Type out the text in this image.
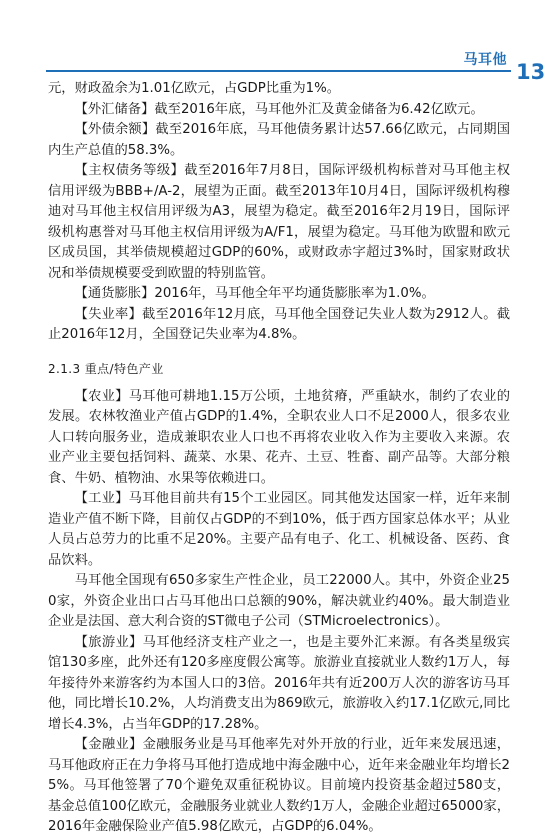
马耳他 13

元，财政盈余为1.01亿欧元，占GDP比重为1%。

【外汇储备】截至2016年底，马耳他外汇及黄金储备为6.42亿欧元。

【外债余额】截至2016年底，马耳他债务累计达57.66亿欧元，占同期国内生产总值的58.3%。

【主权债务等级】截至2016年7月8日，国际评级机构标普对马耳他主权信用评级为BBB+/A-2，展望为正面。截至2013年10月4日，国际评级机构穆迪对马耳他主权信用评级为A3，展望为稳定。截至2016年2月19日，国际评级机构惠誉对马耳他主权信用评级为A/F1，展望为稳定。马耳他为欧盟和欧元区成员国，其举债规模超过GDP的60%，或财政赤字超过3%时，国家财政状况和举债规模要受到欧盟的特别监管。

【通货膨胀】2016年，马耳他全年平均通货膨胀率为1.0%。

【失业率】截至2016年12月底，马耳他全国登记失业人数为2912人。截止2016年12月，全国登记失业率为4.8%。

2.1.3 重点/特色产业

【农业】马耳他可耕地1.15万公顷，土地贫瘠，严重缺水，制约了农业的发展。农林牧渔业产值占GDP的1.4%，全职农业人口不足2000人，很多农业人口转向服务业，造成兼职农业人口也不再将农业收入作为主要收入来源。农业产业主要包括饲料、蔬菜、水果、花卉、土豆、牲畜、副产品等。大部分粮食、牛奶、植物油、水果等依赖进口。

【工业】马耳他目前共有15个工业园区。同其他发达国家一样，近年来制造业产值不断下降，目前仅占GDP的不到10%，低于西方国家总体水平；从业人员占总劳力的比重不足20%。主要产品有电子、化工、机械设备、医药、食品饮料。

马耳他全国现有650多家生产性企业，员工22000人。其中，外资企业250家，外资企业出口占马耳他出口总额的90%，解决就业约40%。最大制造业企业是法国、意大利合资的ST微电子公司（STMicroelectronics）。

【旅游业】马耳他经济支柱产业之一，也是主要外汇来源。有各类星级宾馆130多座，此外还有120多座度假公寓等。旅游业直接就业人数约1万人，每年接待外来游客约为本国人口的3倍。2016年共有近200万人次的游客访马耳他，同比增长10.2%，人均消费支出为869欧元，旅游收入约17.1亿欧元,同比增长4.3%，占当年GDP的17.28%。

【金融业】金融服务业是马耳他率先对外开放的行业，近年来发展迅速，马耳他政府正在力争将马耳他打造成地中海金融中心，近年来金融业年均增长25%。马耳他签署了70个避免双重征税协议。目前境内投资基金超过580支，基金总值100亿欧元，金融服务业就业人数约1万人，金融企业超过65000家，2016年金融保险业产值5.98亿欧元，占GDP的6.04%。
